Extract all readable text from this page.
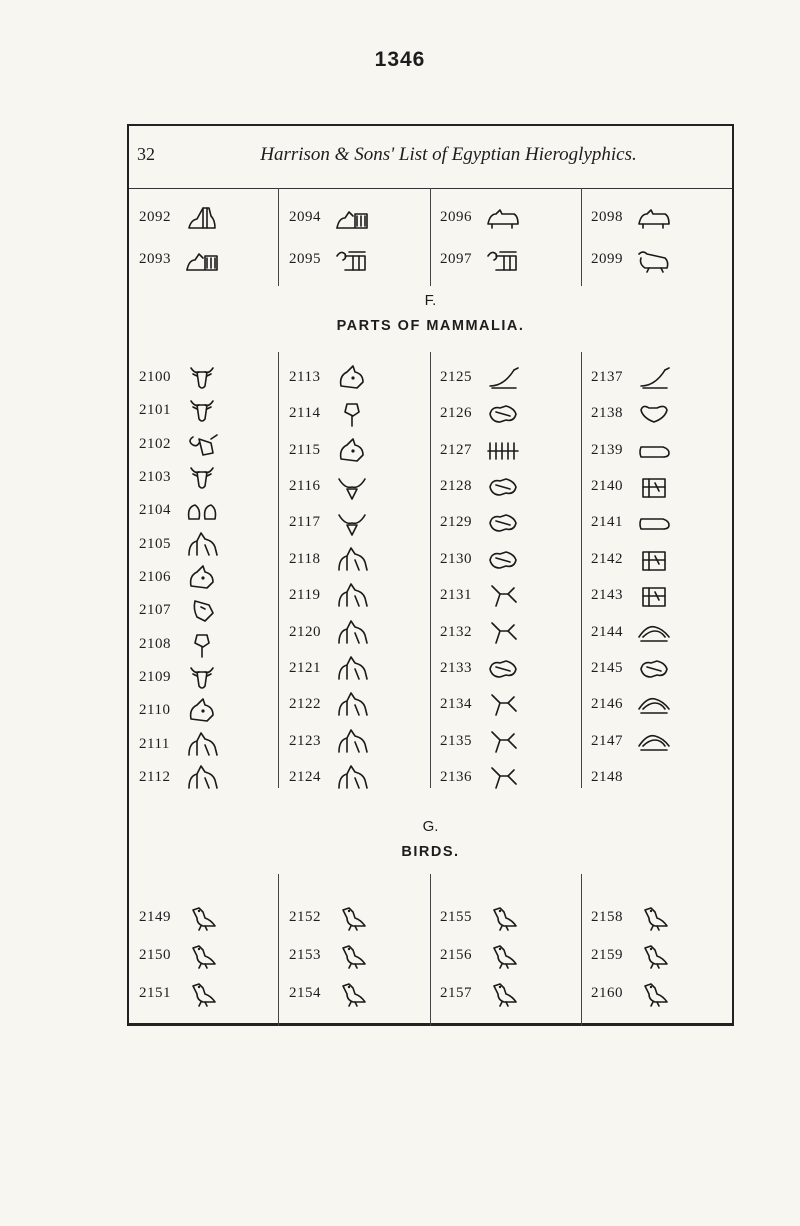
1346
32	Harrison & Sons' List of Egyptian Hieroglyphics.
F.
PARTS OF MAMMALIA.
G.
BIRDS.
2092
2093
2094
2095
2096
2097
2098
2099
2100
2101
2102
2103
2104
2105
2106
2107
2108
2109
2110
2111
2112
2113
2114
2115
2116
2117
2118
2119
2120
2121
2122
2123
2124
2125
2126
2127
2128
2129
2130
2131
2132
2133
2134
2135
2136
2137
2138
2139
2140
2141
2142
2143
2144
2145
2146
2147
2148
2149
2150
2151
2152
2153
2154
2155
2156
2157
2158
2159
2160
